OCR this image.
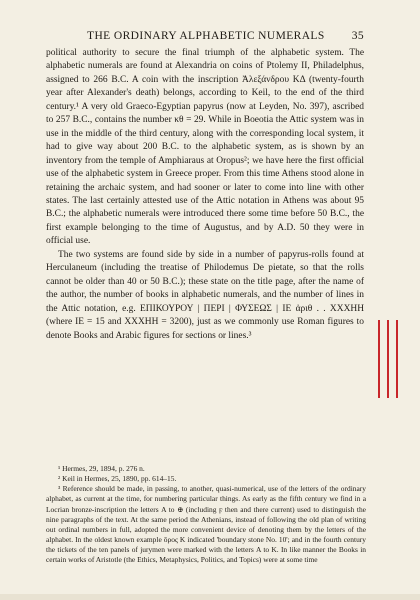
THE ORDINARY ALPHABETIC NUMERALS	35

political authority to secure the final triumph of the alphabetic system. The alphabetic numerals are found at Alexandria on coins of Ptolemy II, Philadelphus, assigned to 266 B.C. A coin with the inscription Ἀλεξάνδρου ΚΔ (twenty-fourth year after Alexander's death) belongs, according to Keil, to the end of the third century.¹ A very old Graeco-Egyptian papyrus (now at Leyden, No. 397), ascribed to 257 B.C., contains the number κθ = 29. While in Boeotia the Attic system was in use in the middle of the third century, along with the corresponding local system, it had to give way about 200 B.C. to the alphabetic system, as is shown by an inventory from the temple of Amphiaraus at Oropus²; we have here the first official use of the alphabetic system in Greece proper. From this time Athens stood alone in retaining the archaic system, and had sooner or later to come into line with other states. The last certainly attested use of the Attic notation in Athens was about 95 B.C.; the alphabetic numerals were introduced there some time before 50 B.C., the first example belonging to the time of Augustus, and by A.D. 50 they were in official use.

The two systems are found side by side in a number of papyrus-rolls found at Herculaneum (including the treatise of Philodemus De pietate, so that the rolls cannot be older than 40 or 50 B.C.); these state on the title page, after the name of the author, the number of books in alphabetic numerals, and the number of lines in the Attic notation, e.g. ΕΠΙΚΟΥΡΟΥ | ΠΕΡΙ | ΦΥΣΕΩΣ | ΙΕ ἀριθ . . ΧΧΧΗΗ (where ΙΕ = 15 and ΧΧΧΗΗ = 3200), just as we commonly use Roman figures to denote Books and Arabic figures for sections or lines.³

¹ Hermes, 29, 1894, p. 276 n.

² Keil in Hermes, 25, 1890, pp. 614–15.

³ Reference should be made, in passing, to another, quasi-numerical, use of the letters of the ordinary alphabet, as current at the time, for numbering particular things. As early as the fifth century we find in a Locrian bronze-inscription the letters Α to ⊕ (including ϝ then and there current) used to distinguish the nine paragraphs of the text. At the same period the Athenians, instead of following the old plan of writing out ordinal numbers in full, adopted the more convenient device of denoting them by the letters of the alphabet. In the oldest known example ὅρος Κ indicated 'boundary stone No. 10'; and in the fourth century the tickets of the ten panels of jurymen were marked with the letters Α to Κ. In like manner the Books in certain works of Aristotle (the Ethics, Metaphysics, Politics, and Topics) were at some time
